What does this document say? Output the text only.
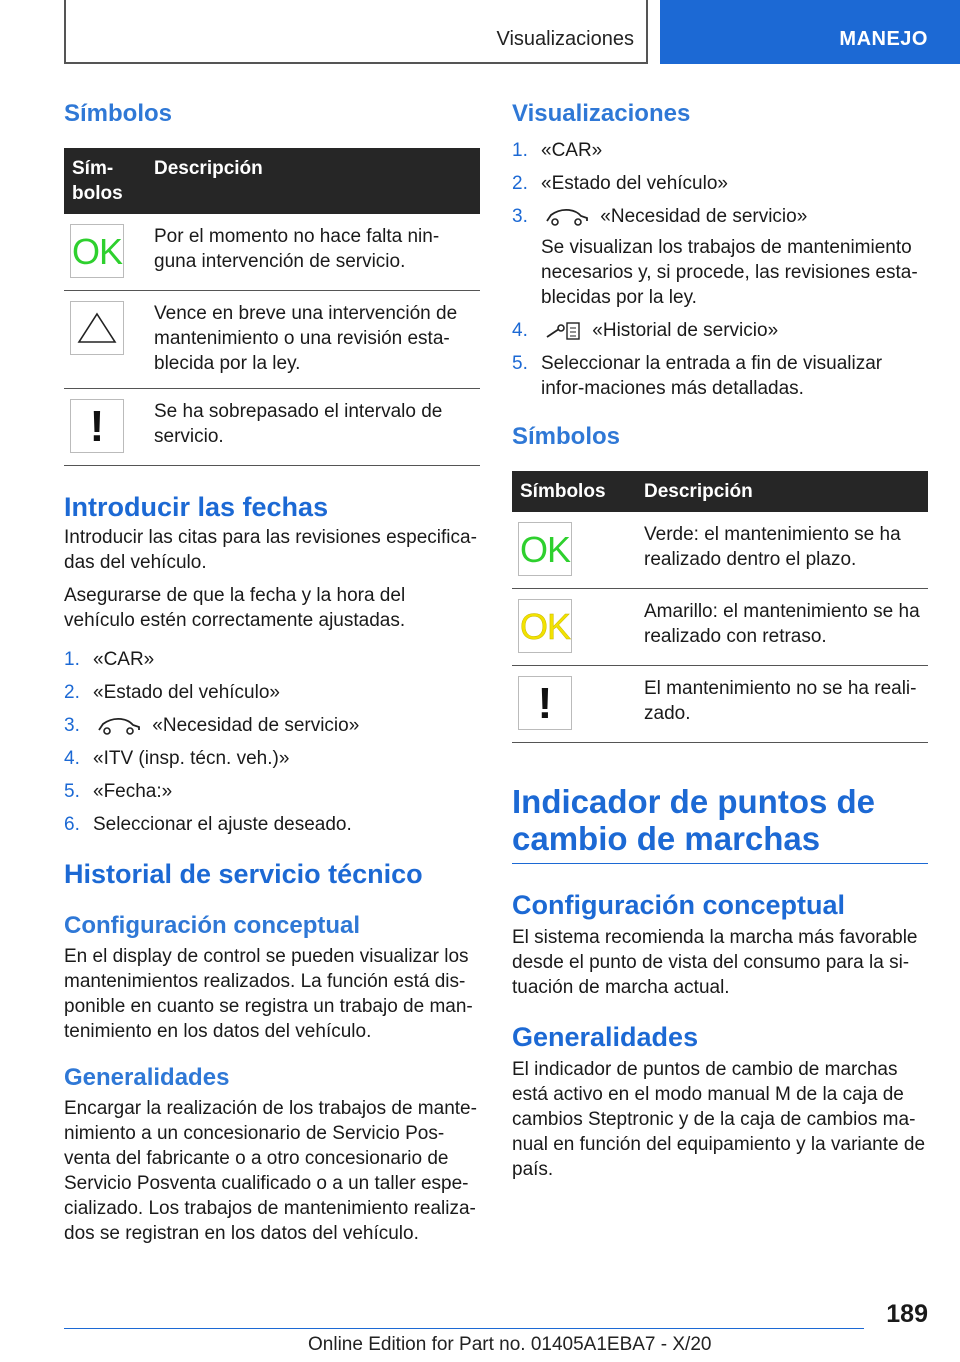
Visualizaciones	MANEJO
Símbolos
Sím-
bolos	Descripción

OK	Por el momento no hace falta nin-guna intervención de servicio.

	Vence en breve una intervención de mantenimiento o una revisión esta-blecida por la ley.

!	Se ha sobrepasado el intervalo de servicio.
Introducir las fechas

Introducir las citas para las revisiones especifica-das del vehículo.

Asegurarse de que la fecha y la hora del vehículo estén correctamente ajustadas.

1. «CAR»
2. «Estado del vehículo»
3.	«Necesidad de servicio»
4. «ITV (insp. técn. veh.)»
5. «Fecha:»
6. Seleccionar el ajuste deseado.
Historial de servicio técnico
Configuración conceptual

En el display de control se pueden visualizar los mantenimientos realizados. La función está dis-ponible en cuanto se registra un trabajo de man-tenimiento en los datos del vehículo.

Generalidades

Encargar la realización de los trabajos de mante-nimiento a un concesionario de Servicio Pos-venta del fabricante o a otro concesionario de Servicio Posventa cualificado o a un taller espe-cializado. Los trabajos de mantenimiento realiza-dos se registran en los datos del vehículo.

Visualizaciones
1. «CAR»
2. «Estado del vehículo»
3.	«Necesidad de servicio»
Se visualizan los trabajos de mantenimiento necesarios y, si procede, las revisiones esta-blecidas por la ley.
4.	«Historial de servicio»
5. Seleccionar la entrada a fin de visualizar infor-maciones más detalladas.
Símbolos
Símbolos	Descripción

OK	Verde: el mantenimiento se ha realizado dentro el plazo.

OK	Amarillo: el mantenimiento se ha realizado con retraso.

!	El mantenimiento no se ha reali-zado.
Indicador de puntos de cambio de marchas
Configuración conceptual

El sistema recomienda la marcha más favorable desde el punto de vista del consumo para la si-tuación de marcha actual.

Generalidades

El indicador de puntos de cambio de marchas está activo en el modo manual M de la caja de cambios Steptronic y de la caja de cambios ma-nual en función del equipamiento y la variante de país.

189
Online Edition for Part no. 01405A1EBA7 - X/20
